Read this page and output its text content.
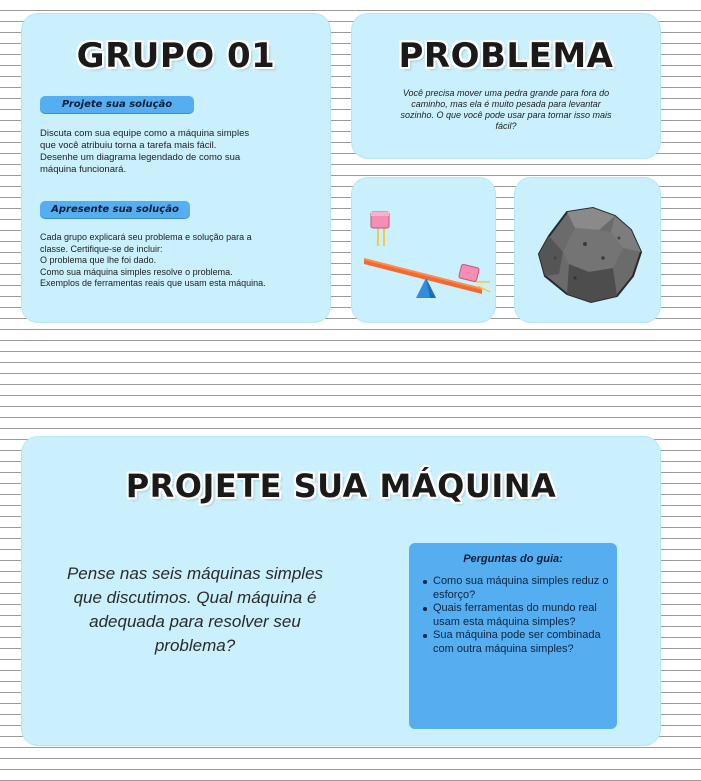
GRUPO 01
Projete sua solução
Discuta com sua equipe como a máquina simples
que você atribuiu torna a tarefa mais fácil.
Desenhe um diagrama legendado de como sua
máquina funcionará.
Apresente sua solução
Cada grupo explicará seu problema e solução para a
classe. Certifique-se de incluir:
O problema que lhe foi dado.
Como sua máquina simples resolve o problema.
Exemplos de ferramentas reais que usam esta máquina.
PROBLEMA
Você precisa mover uma pedra grande para fora do
caminho, mas ela é muito pesada para levantar
sozinho. O que você pode usar para tornar isso mais
fácil?
PROJETE SUA MÁQUINA
Pense nas seis máquinas simples
que discutimos. Qual máquina é
adequada para resolver seu
problema?
Perguntas do guia:
Como sua máquina simples reduz o esforço?
Quais ferramentas do mundo real usam esta máquina simples?
Sua máquina pode ser combinada com outra máquina simples?
